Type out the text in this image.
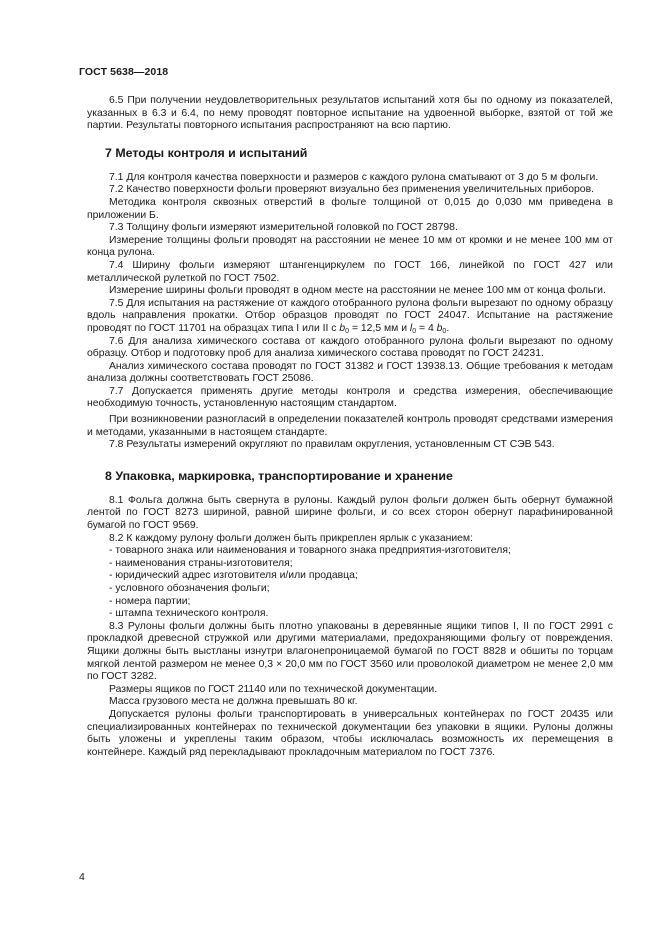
ГОСТ 5638—2018

6.5 При получении неудовлетворительных результатов испытаний хотя бы по одному из показателей, указанных в 6.3 и 6.4, по нему проводят повторное испытание на удвоенной выборке, взятой от той же партии. Результаты повторного испытания распространяют на всю партию.

7 Методы контроля и испытаний

7.1 Для контроля качества поверхности и размеров с каждого рулона сматывают от 3 до 5 м фольги.

7.2 Качество поверхности фольги проверяют визуально без применения увеличительных приборов.

Методика контроля сквозных отверстий в фольге толщиной от 0,015 до 0,030 мм приведена в приложении Б.

7.3 Толщину фольги измеряют измерительной головкой по ГОСТ 28798.

Измерение толщины фольги проводят на расстоянии не менее 10 мм от кромки и не менее 100 мм от конца рулона.

7.4 Ширину фольги измеряют штангенциркулем по ГОСТ 166, линейкой по ГОСТ 427 или металлической рулеткой по ГОСТ 7502.

Измерение ширины фольги проводят в одном месте на расстоянии не менее 100 мм от конца фольги.

7.5 Для испытания на растяжение от каждого отобранного рулона фольги вырезают по одному образцу вдоль направления прокатки. Отбор образцов проводят по ГОСТ 24047. Испытание на растяжение проводят по ГОСТ 11701 на образцах типа I или II с $b_0 = 12,5$ мм и $l_0 = 4$ $b_0$.

7.6 Для анализа химического состава от каждого отобранного рулона фольги вырезают по одному образцу. Отбор и подготовку проб для анализа химического состава проводят по ГОСТ 24231.

Анализ химического состава проводят по ГОСТ 31382 и ГОСТ 13938.13. Общие требования к методам анализа должны соответствовать ГОСТ 25086.

7.7 Допускается применять другие методы контроля и средства измерения, обеспечивающие необходимую точность, установленную настоящим стандартом.

При возникновении разногласий в определении показателей контроль проводят средствами измерения и методами, указанными в настоящем стандарте.

7.8 Результаты измерений округляют по правилам округления, установленным СТ СЭВ 543.

8 Упаковка, маркировка, транспортирование и хранение

8.1 Фольга должна быть свернута в рулоны. Каждый рулон фольги должен быть обернут бумажной лентой по ГОСТ 8273 шириной, равной ширине фольги, и со всех сторон обернут парафинированной бумагой по ГОСТ 9569.

8.2 К каждому рулону фольги должен быть прикреплен ярлык с указанием:

- товарного знака или наименования и товарного знака предприятия-изготовителя;

- наименования страны-изготовителя;

- юридический адрес изготовителя и/или продавца;

- условного обозначения фольги;

- номера партии;

- штампа технического контроля.

8.3 Рулоны фольги должны быть плотно упакованы в деревянные ящики типов I, II по ГОСТ 2991 с прокладкой древесной стружкой или другими материалами, предохраняющими фольгу от повреждения. Ящики должны быть выстланы изнутри влагонепроницаемой бумагой по ГОСТ 8828 и обшиты по торцам мягкой лентой размером не менее 0,3 × 20,0 мм по ГОСТ 3560 или проволокой диаметром не менее 2,0 мм по ГОСТ 3282.

Размеры ящиков по ГОСТ 21140 или по технической документации.

Масса грузового места не должна превышать 80 кг.

Допускается рулоны фольги транспортировать в универсальных контейнерах по ГОСТ 20435 или специализированных контейнерах по технической документации без упаковки в ящики. Рулоны должны быть уложены и укреплены таким образом, чтобы исключалась возможность их перемещения в контейнере. Каждый ряд перекладывают прокладочным материалом по ГОСТ 7376.

4
